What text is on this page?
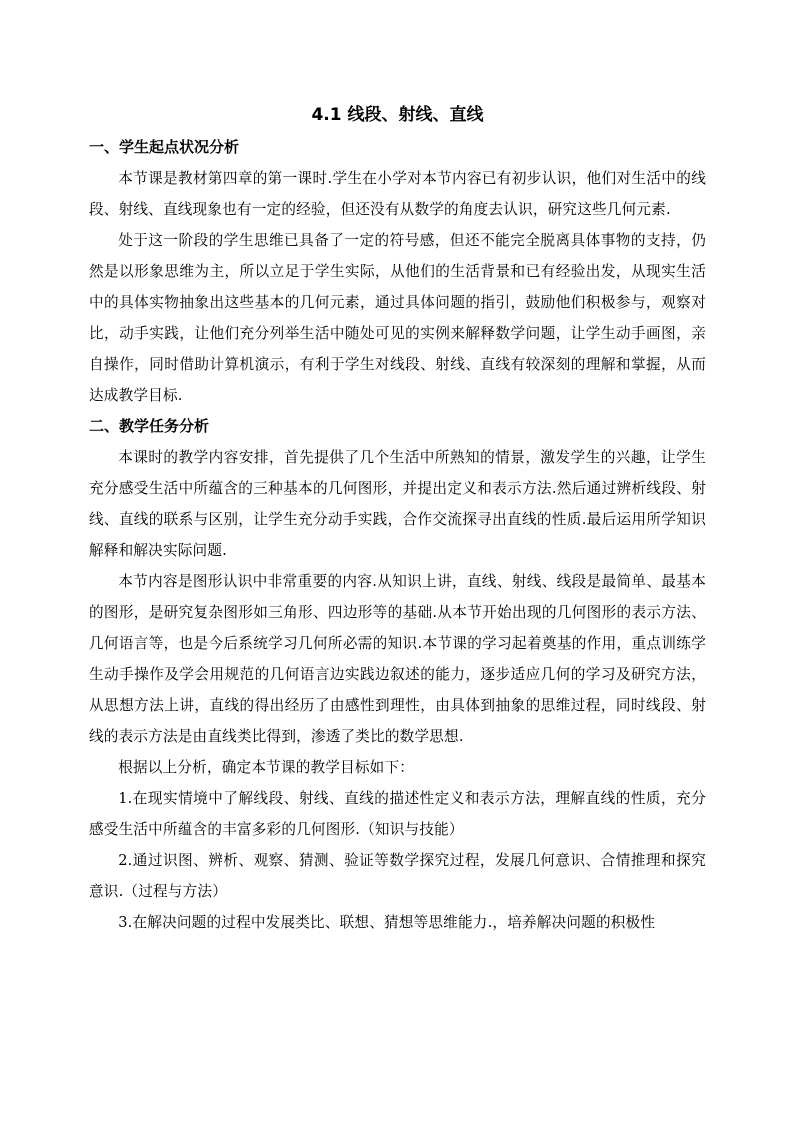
4.1 线段、射线、直线
一、学生起点状况分析

本节课是教材第四章的第一课时.学生在小学对本节内容已有初步认识，他们对生活中的线段、射线、直线现象也有一定的经验，但还没有从数学的角度去认识，研究这些几何元素.

处于这一阶段的学生思维已具备了一定的符号感，但还不能完全脱离具体事物的支持，仍然是以形象思维为主，所以立足于学生实际，从他们的生活背景和已有经验出发，从现实生活中的具体实物抽象出这些基本的几何元素，通过具体问题的指引，鼓励他们积极参与，观察对比，动手实践，让他们充分列举生活中随处可见的实例来解释数学问题，让学生动手画图，亲自操作，同时借助计算机演示，有利于学生对线段、射线、直线有较深刻的理解和掌握，从而达成教学目标.

二、教学任务分析

本课时的教学内容安排，首先提供了几个生活中所熟知的情景，激发学生的兴趣，让学生充分感受生活中所蕴含的三种基本的几何图形，并提出定义和表示方法.然后通过辨析线段、射线、直线的联系与区别，让学生充分动手实践，合作交流探寻出直线的性质.最后运用所学知识解释和解决实际问题.

本节内容是图形认识中非常重要的内容.从知识上讲，直线、射线、线段是最简单、最基本的图形，是研究复杂图形如三角形、四边形等的基础.从本节开始出现的几何图形的表示方法、几何语言等，也是今后系统学习几何所必需的知识.本节课的学习起着奠基的作用，重点训练学生动手操作及学会用规范的几何语言边实践边叙述的能力，逐步适应几何的学习及研究方法，从思想方法上讲，直线的得出经历了由感性到理性，由具体到抽象的思维过程，同时线段、射线的表示方法是由直线类比得到，渗透了类比的数学思想.

根据以上分析，确定本节课的教学目标如下：

1.在现实情境中了解线段、射线、直线的描述性定义和表示方法，理解直线的性质，充分感受生活中所蕴含的丰富多彩的几何图形.（知识与技能）

2.通过识图、辨析、观察、猜测、验证等数学探究过程，发展几何意识、合情推理和探究意识.（过程与方法）

3.在解决问题的过程中发展类比、联想、猜想等思维能力.，培养解决问题的积极性
